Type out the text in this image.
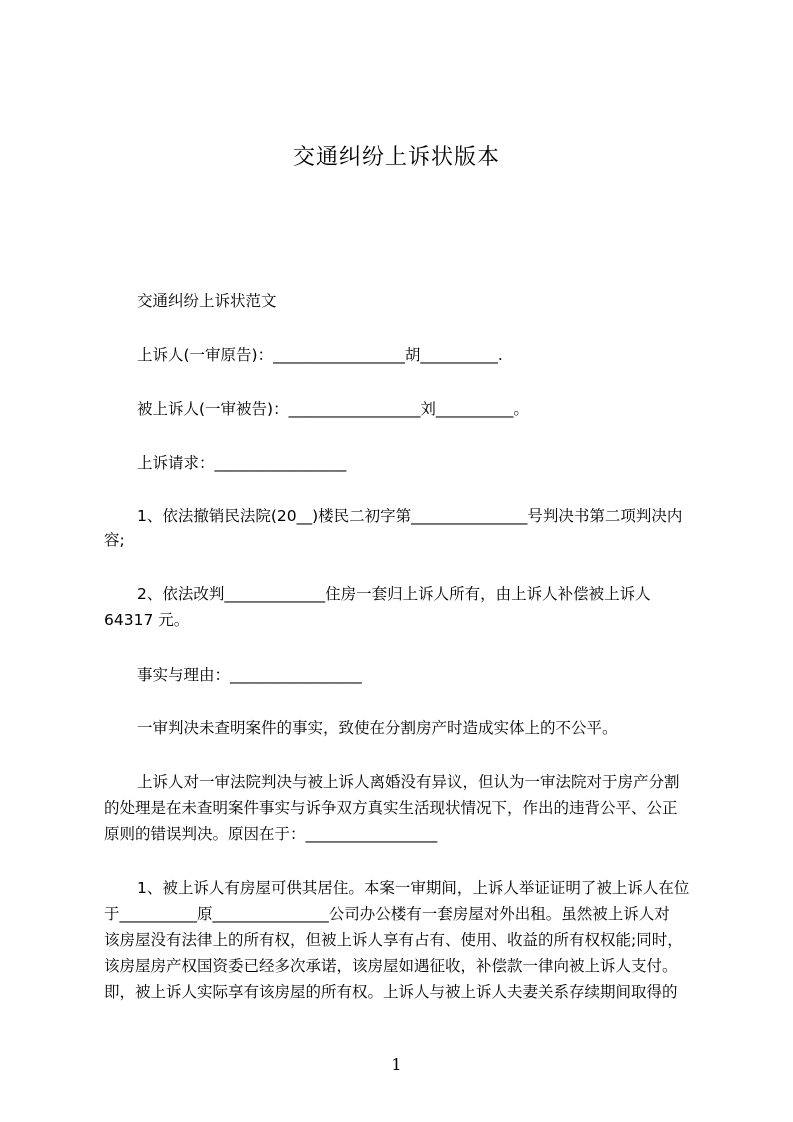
交通纠纷上诉状版本
交通纠纷上诉状范文
上诉人(一审原告)：_________________胡__________.
被上诉人(一审被告)：_________________刘__________。
上诉请求：_________________
1、依法撤销民法院(20__)楼民二初字第_______________号判决书第二项判决内
容;
2、依法改判_____________住房一套归上诉人所有，由上诉人补偿被上诉人
64317 元。
事实与理由：_________________
一审判决未查明案件的事实，致使在分割房产时造成实体上的不公平。
上诉人对一审法院判决与被上诉人离婚没有异议，但认为一审法院对于房产分割
的处理是在未查明案件事实与诉争双方真实生活现状情况下，作出的违背公平、公正
原则的错误判决。原因在于：_________________
1、被上诉人有房屋可供其居住。本案一审期间，上诉人举证证明了被上诉人在位
于__________原_______________公司办公楼有一套房屋对外出租。虽然被上诉人对
该房屋没有法律上的所有权，但被上诉人享有占有、使用、收益的所有权权能;同时，
该房屋房产权国资委已经多次承诺，该房屋如遇征收，补偿款一律向被上诉人支付。
即，被上诉人实际享有该房屋的所有权。上诉人与被上诉人夫妻关系存续期间取得的
1
